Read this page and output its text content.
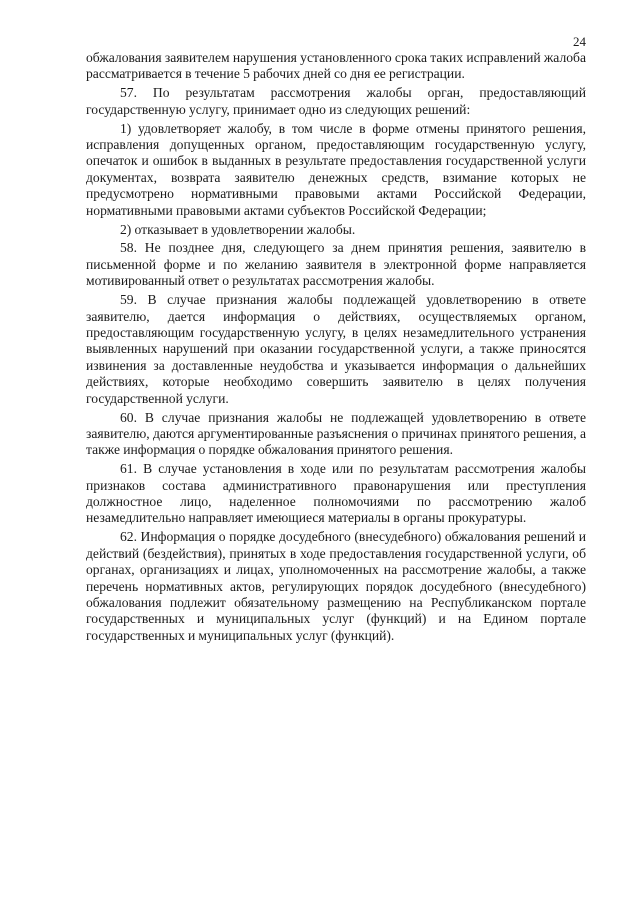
24

обжалования заявителем нарушения установленного срока таких исправлений жалоба рассматривается в течение 5 рабочих дней со дня ее регистрации.

57. По результатам рассмотрения жалобы орган, предоставляющий государственную услугу, принимает одно из следующих решений:

1) удовлетворяет жалобу, в том числе в форме отмены принятого решения, исправления допущенных органом, предоставляющим государственную услугу, опечаток и ошибок в выданных в результате предоставления государственной услуги документах, возврата заявителю денежных средств, взимание которых не предусмотрено нормативными правовыми актами Российской Федерации, нормативными правовыми актами субъектов Российской Федерации;

2) отказывает в удовлетворении жалобы.

58. Не позднее дня, следующего за днем принятия решения, заявителю в письменной форме и по желанию заявителя в электронной форме направляется мотивированный ответ о результатах рассмотрения жалобы.

59. В случае признания жалобы подлежащей удовлетворению в ответе заявителю, дается информация о действиях, осуществляемых органом, предоставляющим государственную услугу, в целях незамедлительного устранения выявленных нарушений при оказании государственной услуги, а также приносятся извинения за доставленные неудобства и указывается информация о дальнейших действиях, которые необходимо совершить заявителю в целях получения государственной услуги.

60. В случае признания жалобы не подлежащей удовлетворению в ответе заявителю, даются аргументированные разъяснения о причинах принятого решения, а также информация о порядке обжалования принятого решения.

61. В случае установления в ходе или по результатам рассмотрения жалобы признаков состава административного правонарушения или преступления должностное лицо, наделенное полномочиями по рассмотрению жалоб незамедлительно направляет имеющиеся материалы в органы прокуратуры.

62. Информация о порядке досудебного (внесудебного) обжалования решений и действий (бездействия), принятых в ходе предоставления государственной услуги, об органах, организациях и лицах, уполномоченных на рассмотрение жалобы, а также перечень нормативных актов, регулирующих порядок досудебного (внесудебного) обжалования подлежит обязательному размещению на Республиканском портале государственных и муниципальных услуг (функций) и на Едином портале государственных и муниципальных услуг (функций).
